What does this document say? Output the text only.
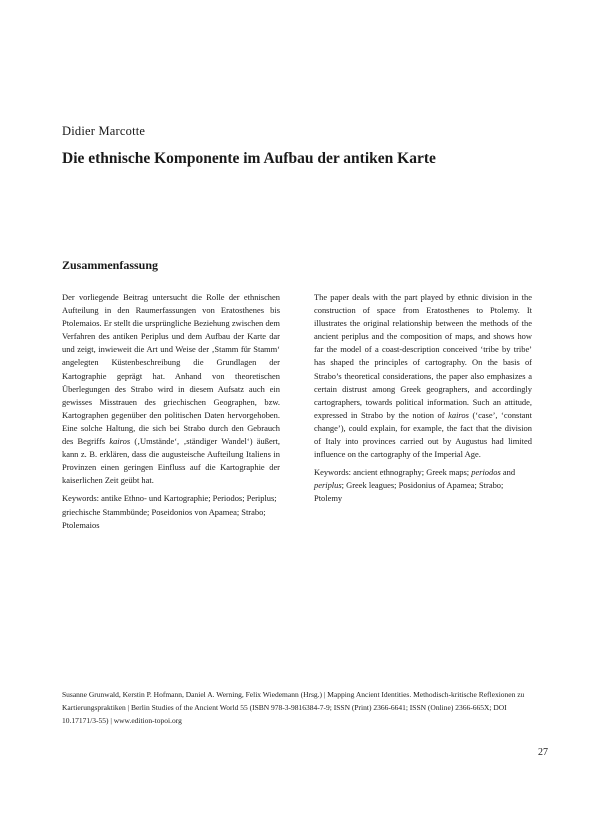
Didier Marcotte
Die ethnische Komponente im Aufbau der antiken Karte
Zusammenfassung

Der vorliegende Beitrag untersucht die Rolle der ethnischen Aufteilung in den Raumerfassungen von Eratosthenes bis Ptolemaios. Er stellt die ursprüngliche Beziehung zwischen dem Verfahren des antiken Periplus und dem Aufbau der Karte dar und zeigt, inwieweit die Art und Weise der ‚Stamm für Stamm‘ angelegten Küstenbeschreibung die Grundlagen der Kartographie geprägt hat. Anhand von theoretischen Überlegungen des Strabo wird in diesem Aufsatz auch ein gewisses Misstrauen des griechischen Geographen, bzw. Kartographen gegenüber den politischen Daten hervorgehoben. Eine solche Haltung, die sich bei Strabo durch den Gebrauch des Begriffs kairos (‚Umstände‘, ‚ständiger Wandel‘) äußert, kann z. B. erklären, dass die augusteische Aufteilung Italiens in Provinzen einen geringen Einfluss auf die Kartographie der kaiserlichen Zeit geübt hat.

Keywords: antike Ethno- und Kartographie; Periodos; Periplus; griechische Stammbünde; Poseidonios von Apamea; Strabo; Ptolemaios

The paper deals with the part played by ethnic division in the construction of space from Eratosthenes to Ptolemy. It illustrates the original relationship between the methods of the ancient periplus and the composition of maps, and shows how far the model of a coast-description conceived ‘tribe by tribe’ has shaped the principles of cartography. On the basis of Strabo’s theoretical considerations, the paper also emphasizes a certain distrust among Greek geographers, and accordingly cartographers, towards political information. Such an attitude, expressed in Strabo by the notion of kairos (‘case’, ‘constant change’), could explain, for example, the fact that the division of Italy into provinces carried out by Augustus had limited influence on the cartography of the Imperial Age.

Keywords: ancient ethnography; Greek maps; periodos and periplus; Greek leagues; Posidonius of Apamea; Strabo; Ptolemy

Susanne Grunwald, Kerstin P. Hofmann, Daniel A. Werning, Felix Wiedemann (Hrsg.) | Mapping Ancient Identities. Methodisch-kritische Reflexionen zu Kartierungspraktiken | Berlin Studies of the Ancient World 55 (ISBN 978-3-9816384-7-9; ISSN (Print) 2366-6641; ISSN (Online) 2366-665X; DOI 10.17171/3-55) | www.edition-topoi.org
27
